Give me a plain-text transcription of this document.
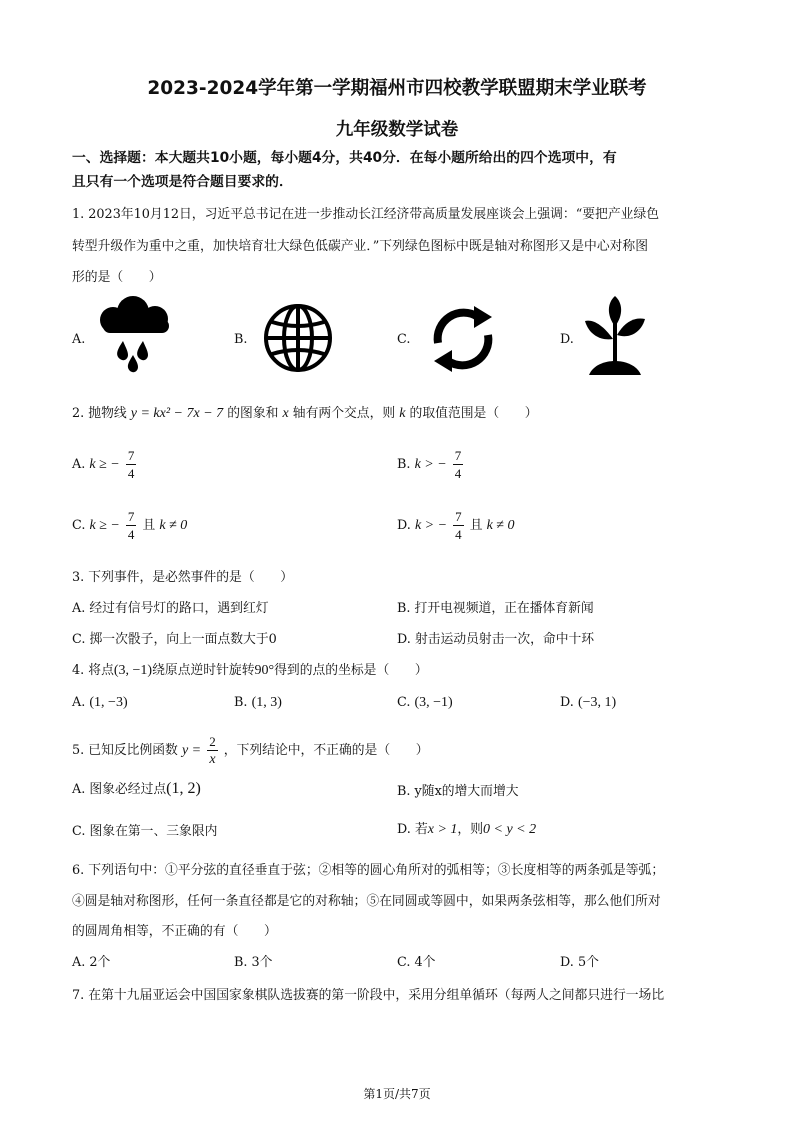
2023-2024学年第一学期福州市四校教学联盟期末学业联考
九年级数学试卷
一、选择题：本大题共10小题，每小题4分，共40分．在每小题所给出的四个选项中，有
且只有一个选项是符合题目要求的．
1. 2023年10月12日，习近平总书记在进一步推动长江经济带高质量发展座谈会上强调：“要把产业绿色
转型升级作为重中之重，加快培育壮大绿色低碳产业．”下列绿色图标中既是轴对称图形又是中心对称图
形的是（　　）
A.	B.	C.	D.
2. 抛物线 y = kx² − 7x − 7 的图象和 x 轴有两个交点，则 k 的取值范围是（　　）
A. k ≥ − $\frac{7}{4}$	B. k > − $\frac{7}{4}$
C. k ≥ − $\frac{7}{4}$ 且 k ≠ 0	D. k > − $\frac{7}{4}$ 且 k ≠ 0
3. 下列事件，是必然事件的是（　　）
A. 经过有信号灯的路口，遇到红灯	B. 打开电视频道，正在播体育新闻
C. 掷一次骰子，向上一面点数大于0	D. 射击运动员射击一次，命中十环
4. 将点(3, −1)绕原点逆时针旋转90°得到的点的坐标是（　　）
A. (1, −3)	B. (1, 3)	C. (3, −1)	D. (−3, 1)
5. 已知反比例函数 $y = \frac{2}{x}$ ，下列结论中，不正确的是（　　）
A. 图象必经过点(1, 2)	B. y随x的增大而增大
C. 图象在第一、三象限内	D. 若x > 1，则0 < y < 2
6. 下列语句中：①平分弦的直径垂直于弦；②相等的圆心角所对的弧相等；③长度相等的两条弧是等弧；
④圆是轴对称图形，任何一条直径都是它的对称轴；⑤在同圆或等圆中，如果两条弦相等，那么他们所对
的圆周角相等，不正确的有（　　）
A. 2个	B. 3个	C. 4个	D. 5个
7. 在第十九届亚运会中国国家象棋队选拔赛的第一阶段中，采用分组单循环（每两人之间都只进行一场比
第1页/共7页
